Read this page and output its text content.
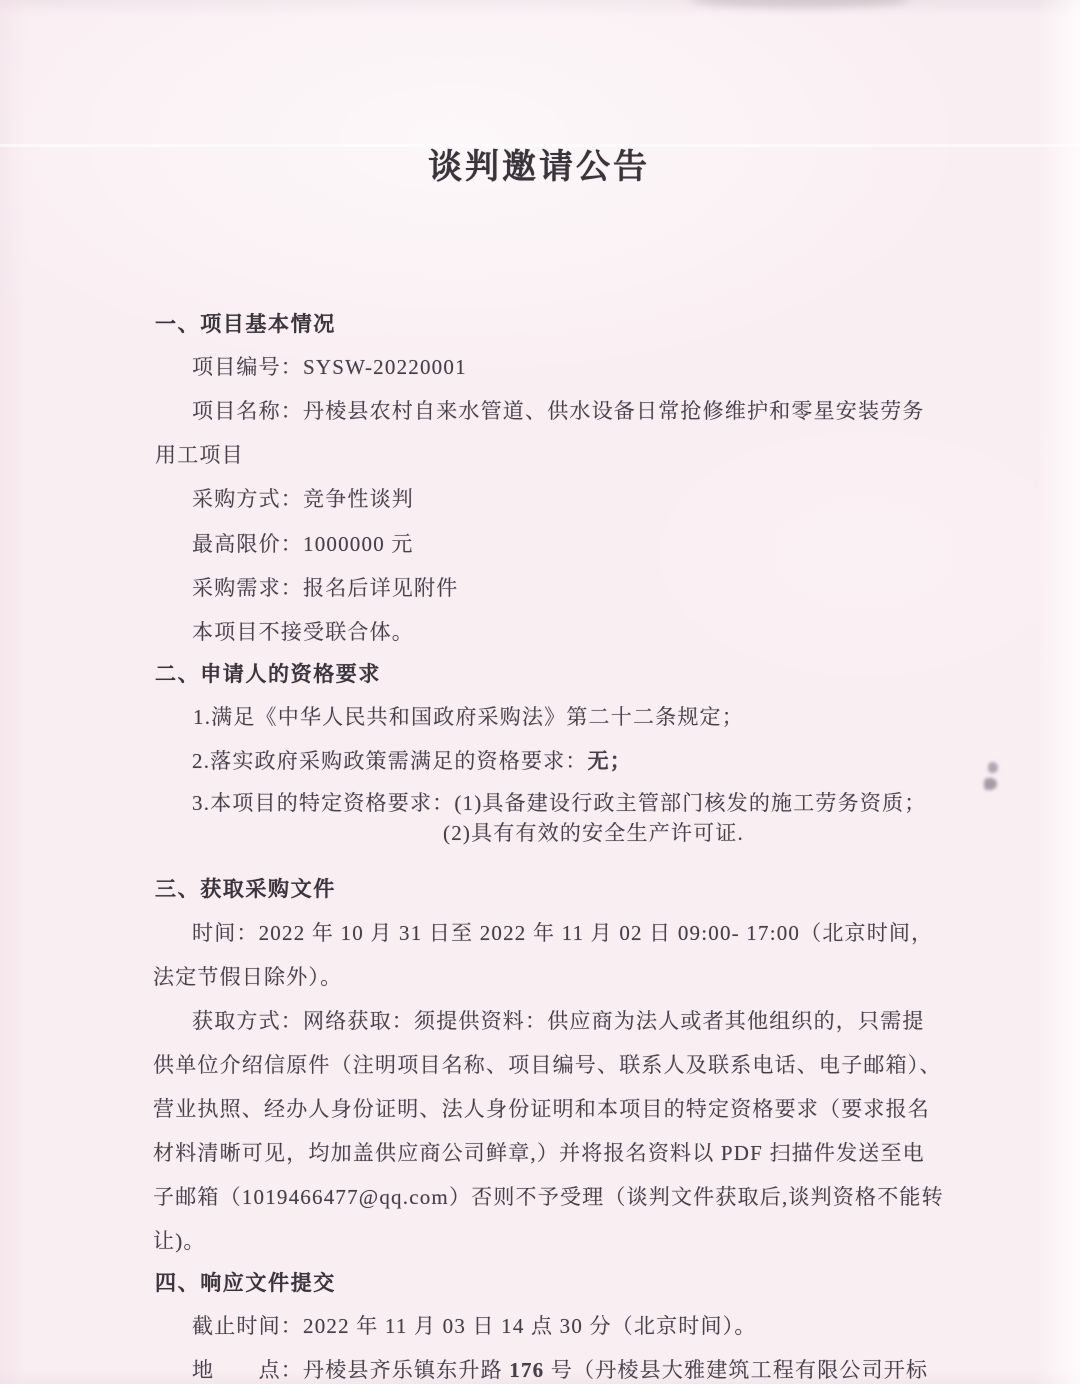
谈判邀请公告
一、项目基本情况
项目编号：SYSW-20220001
项目名称：丹棱县农村自来水管道、供水设备日常抢修维护和零星安装劳务
用工项目
采购方式：竞争性谈判
最高限价：1000000 元
采购需求：报名后详见附件
本项目不接受联合体。
二、申请人的资格要求
1.满足《中华人民共和国政府采购法》第二十二条规定；
2.落实政府采购政策需满足的资格要求：无；
3.本项目的特定资格要求：(1)具备建设行政主管部门核发的施工劳务资质；
(2)具有有效的安全生产许可证.
三、获取采购文件
时间：2022 年 10 月 31 日至 2022 年 11 月 02 日 09:00- 17:00（北京时间，
法定节假日除外）。
获取方式：网络获取：须提供资料：供应商为法人或者其他组织的，只需提
供单位介绍信原件（注明项目名称、项目编号、联系人及联系电话、电子邮箱）、
营业执照、经办人身份证明、法人身份证明和本项目的特定资格要求（要求报名
材料清晰可见，均加盖供应商公司鲜章,）并将报名资料以 PDF 扫描件发送至电
子邮箱（1019466477@qq.com）否则不予受理（谈判文件获取后,谈判资格不能转
让)。
四、响应文件提交
截止时间：2022 年 11 月 03 日 14 点 30 分（北京时间）。
地　　点：丹棱县齐乐镇东升路 176 号（丹棱县大雅建筑工程有限公司开标
